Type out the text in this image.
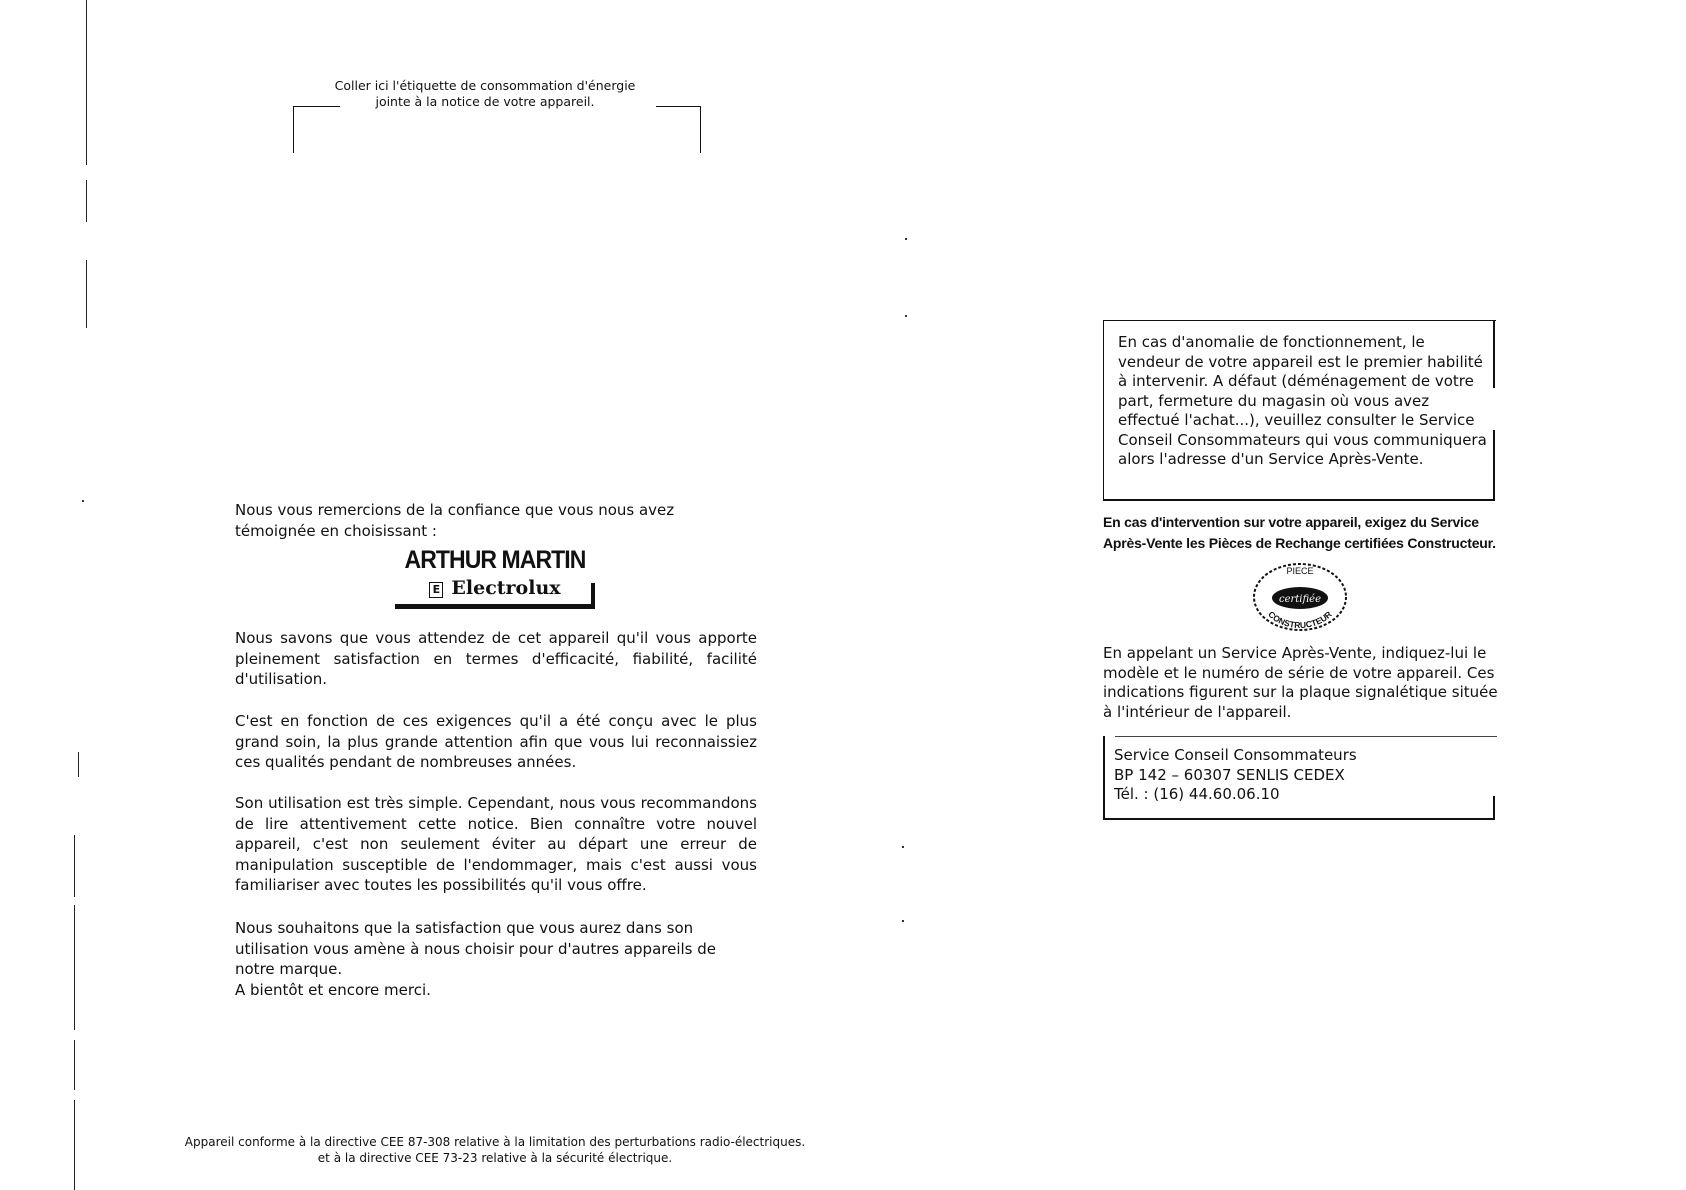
Coller ici l'étiquette de consommation d'énergie
jointe à la notice de votre appareil.
Nous vous remercions de la confiance que vous nous avez témoignée en choisissant :
ARTHUR MARTIN
E Electrolux
Nous savons que vous attendez de cet appareil qu'il vous apporte pleinement satisfaction en termes d'efficacité, fiabilité, facilité d'utilisation.
C'est en fonction de ces exigences qu'il a été conçu avec le plus grand soin, la plus grande attention afin que vous lui reconnaissiez ces qualités pendant de nombreuses années.
Son utilisation est très simple. Cependant, nous vous recommandons de lire attentivement cette notice. Bien connaître votre nouvel appareil, c'est non seulement éviter au départ une erreur de manipulation susceptible de l'endommager, mais c'est aussi vous familiariser avec toutes les possibilités qu'il vous offre.
Nous souhaitons que la satisfaction que vous aurez dans son utilisation vous amène à nous choisir pour d'autres appareils de notre marque.
A bientôt et encore merci.
Appareil conforme à la directive CEE 87-308 relative à la limitation des perturbations radio-électriques.
et à la directive CEE 73-23 relative à la sécurité électrique.
En cas d'anomalie de fonctionnement, le vendeur de votre appareil est le premier habilité à intervenir. A défaut (déménagement de votre part, fermeture du magasin où vous avez effectué l'achat...), veuillez consulter le Service Conseil Consommateurs qui vous communiquera alors l'adresse d'un Service Après-Vente.
En cas d'intervention sur votre appareil, exigez du Service Après-Vente les Pièces de Rechange certifiées Constructeur.
PIECE
certifiée
CONSTRUCTEUR
En appelant un Service Après-Vente, indiquez-lui le modèle et le numéro de série de votre appareil. Ces indications figurent sur la plaque signalétique située à l'intérieur de l'appareil.
Service Conseil Consommateurs
BP 142 – 60307 SENLIS CEDEX
Tél. : (16) 44.60.06.10
